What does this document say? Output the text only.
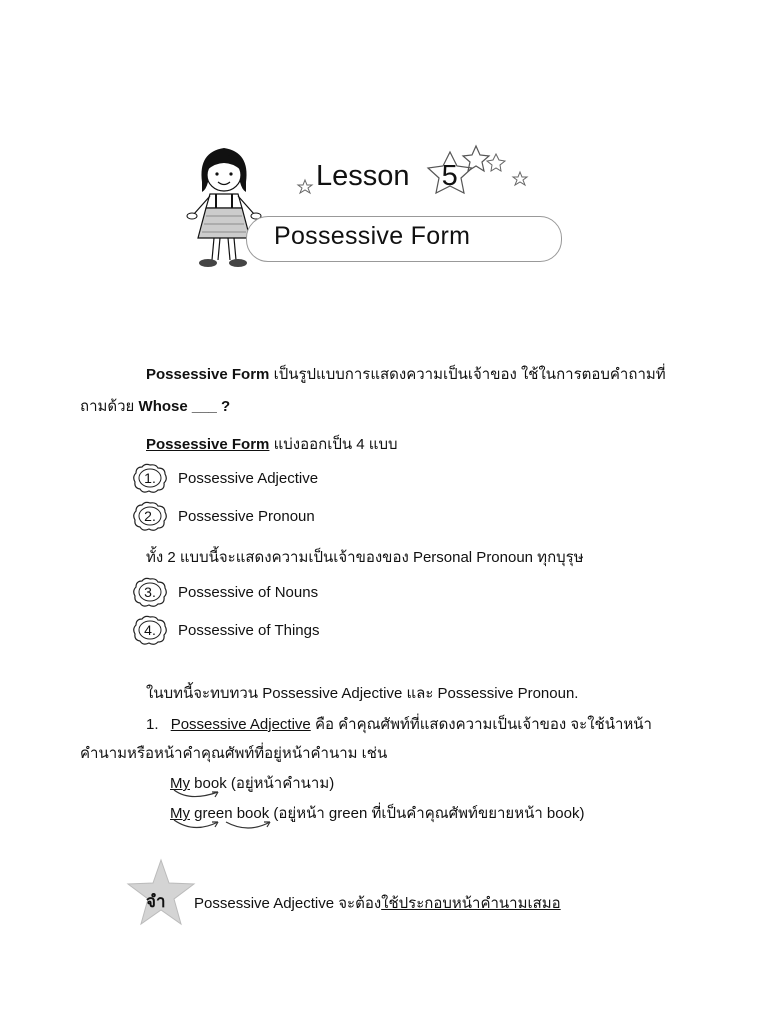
Lesson 5
Possessive Form
Possessive Form เป็นรูปแบบการแสดงความเป็นเจ้าของ ใช้ในการตอบคำถามที่
ถามด้วย Whose ___ ?
Possessive Form แบ่งออกเป็น 4 แบบ
1.	Possessive Adjective
2.	Possessive Pronoun
ทั้ง 2 แบบนี้จะแสดงความเป็นเจ้าของของ Personal Pronoun ทุกบุรุษ
3.	Possessive of Nouns
4.	Possessive of Things
ในบทนี้จะทบทวน Possessive Adjective และ Possessive Pronoun.
1. Possessive Adjective คือ คำคุณศัพท์ที่แสดงความเป็นเจ้าของ จะใช้นำหน้า
คำนามหรือหน้าคำคุณศัพท์ที่อยู่หน้าคำนาม เช่น
My book (อยู่หน้าคำนาม)
My green book (อยู่หน้า green ที่เป็นคำคุณศัพท์ขยายหน้า book)
จำ Possessive Adjective จะต้องใช้ประกอบหน้าคำนามเสมอ
